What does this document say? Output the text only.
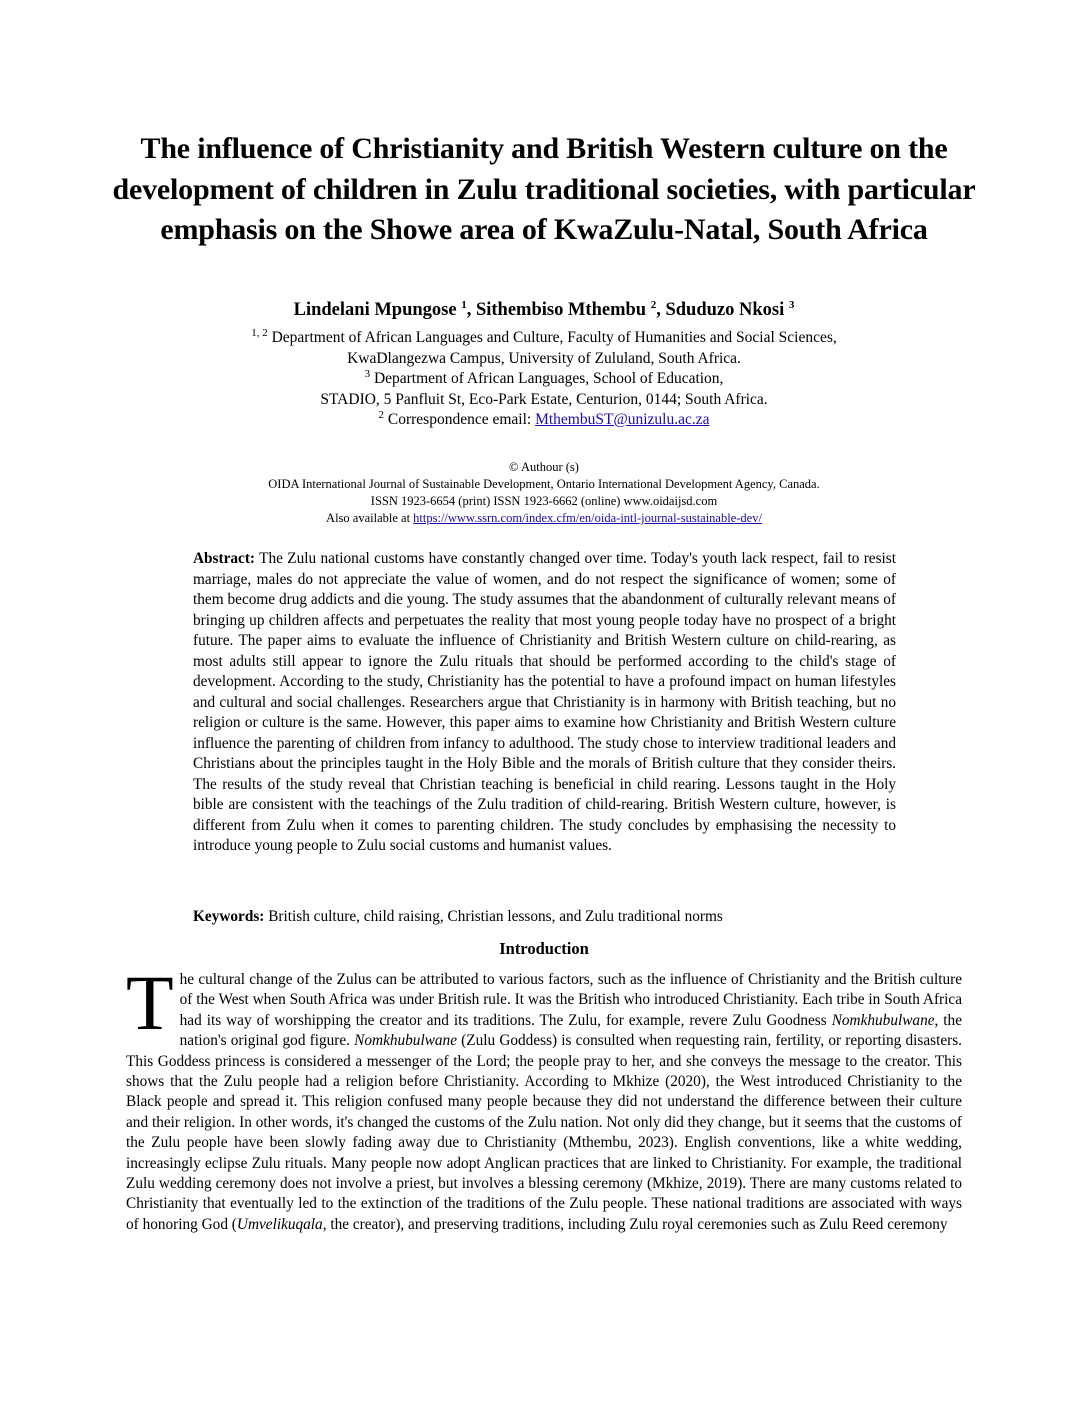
The influence of Christianity and British Western culture on the development of children in Zulu traditional societies, with particular emphasis on the Showe area of KwaZulu-Natal, South Africa
Lindelani Mpungose $^1$, Sithembiso Mthembu $^2$, Sduduzo Nkosi $^3$
$^{1, 2}$ Department of African Languages and Culture, Faculty of Humanities and Social Sciences,
KwaDlangezwa Campus, University of Zululand, South Africa.
$^3$ Department of African Languages, School of Education,
STADIO, 5 Panfluit St, Eco-Park Estate, Centurion, 0144; South Africa.
$^2$ Correspondence email: MthembuST@unizulu.ac.za
© Authour (s)
OIDA International Journal of Sustainable Development, Ontario International Development Agency, Canada.
ISSN 1923-6654 (print) ISSN 1923-6662 (online) www.oidaijsd.com
Also available at https://www.ssrn.com/index.cfm/en/oida-intl-journal-sustainable-dev/
Abstract: The Zulu national customs have constantly changed over time. Today's youth lack respect, fail to resist marriage, males do not appreciate the value of women, and do not respect the significance of women; some of them become drug addicts and die young. The study assumes that the abandonment of culturally relevant means of bringing up children affects and perpetuates the reality that most young people today have no prospect of a bright future. The paper aims to evaluate the influence of Christianity and British Western culture on child-rearing, as most adults still appear to ignore the Zulu rituals that should be performed according to the child's stage of development. According to the study, Christianity has the potential to have a profound impact on human lifestyles and cultural and social challenges. Researchers argue that Christianity is in harmony with British teaching, but no religion or culture is the same. However, this paper aims to examine how Christianity and British Western culture influence the parenting of children from infancy to adulthood. The study chose to interview traditional leaders and Christians about the principles taught in the Holy Bible and the morals of British culture that they consider theirs. The results of the study reveal that Christian teaching is beneficial in child rearing. Lessons taught in the Holy bible are consistent with the teachings of the Zulu tradition of child-rearing. British Western culture, however, is different from Zulu when it comes to parenting children. The study concludes by emphasising the necessity to introduce young people to Zulu social customs and humanist values.
Keywords: British culture, child raising, Christian lessons, and Zulu traditional norms
Introduction
The cultural change of the Zulus can be attributed to various factors, such as the influence of Christianity and the British culture of the West when South Africa was under British rule. It was the British who introduced Christianity. Each tribe in South Africa had its way of worshipping the creator and its traditions. The Zulu, for example, revere Zulu Goodness Nomkhubulwane, the nation's original god figure. Nomkhubulwane (Zulu Goddess) is consulted when requesting rain, fertility, or reporting disasters. This Goddess princess is considered a messenger of the Lord; the people pray to her, and she conveys the message to the creator. This shows that the Zulu people had a religion before Christianity. According to Mkhize (2020), the West introduced Christianity to the Black people and spread it. This religion confused many people because they did not understand the difference between their culture and their religion. In other words, it's changed the customs of the Zulu nation. Not only did they change, but it seems that the customs of the Zulu people have been slowly fading away due to Christianity (Mthembu, 2023). English conventions, like a white wedding, increasingly eclipse Zulu rituals. Many people now adopt Anglican practices that are linked to Christianity. For example, the traditional Zulu wedding ceremony does not involve a priest, but involves a blessing ceremony (Mkhize, 2019). There are many customs related to Christianity that eventually led to the extinction of the traditions of the Zulu people. These national traditions are associated with ways of honoring God (Umvelikuqala, the creator), and preserving traditions, including Zulu royal ceremonies such as Zulu Reed ceremony
